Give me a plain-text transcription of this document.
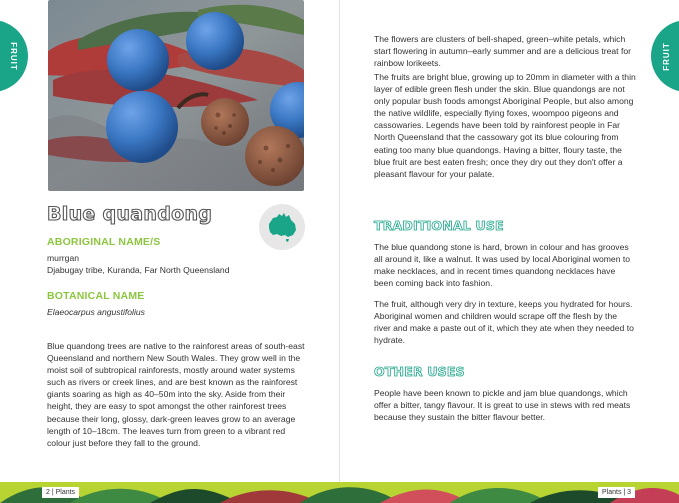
FRUIT
Blue quandong
ABORIGINAL NAME/S
murrgan
Djabugay tribe, Kuranda, Far North Queensland
BOTANICAL NAME
Elaeocarpus angustifolius

Blue quandong trees are native to the rainforest areas of south-east Queensland and northern New South Wales. They grow well in the moist soil of subtropical rainforests, mostly around water systems such as rivers or creek lines, and are best known as the rainforest giants soaring as high as 40–50m into the sky. Aside from their height, they are easy to spot amongst the other rainforest trees because their long, glossy, dark-green leaves grow to an average length of 10–18cm. The leaves turn from green to a vibrant red colour just before they fall to the ground.

FRUIT

The flowers are clusters of bell-shaped, green–white petals, which start flowering in autumn–early summer and are a delicious treat for rainbow lorikeets.

The fruits are bright blue, growing up to 20mm in diameter with a thin layer of edible green flesh under the skin. Blue quandongs are not only popular bush foods amongst Aboriginal People, but also among the native wildlife, especially flying foxes, woompoo pigeons and cassowaries. Legends have been told by rainforest people in Far North Queensland that the cassowary got its blue colouring from eating too many blue quandongs. Having a bitter, floury taste, the blue fruit are best eaten fresh; once they dry out they don't offer a pleasant flavour for your palate.

TRADITIONAL USE

The blue quandong stone is hard, brown in colour and has grooves all around it, like a walnut. It was used by local Aboriginal women to make necklaces, and in recent times quandong necklaces have been coming back into fashion.

The fruit, although very dry in texture, keeps you hydrated for hours. Aboriginal women and children would scrape off the flesh by the river and make a paste out of it, which they ate when they needed to hydrate.

OTHER USES

People have been known to pickle and jam blue quandongs, which offer a bitter, tangy flavour. It is great to use in stews with red meats because they sustain the bitter flavour better.

2 | Plants	Plants | 3
